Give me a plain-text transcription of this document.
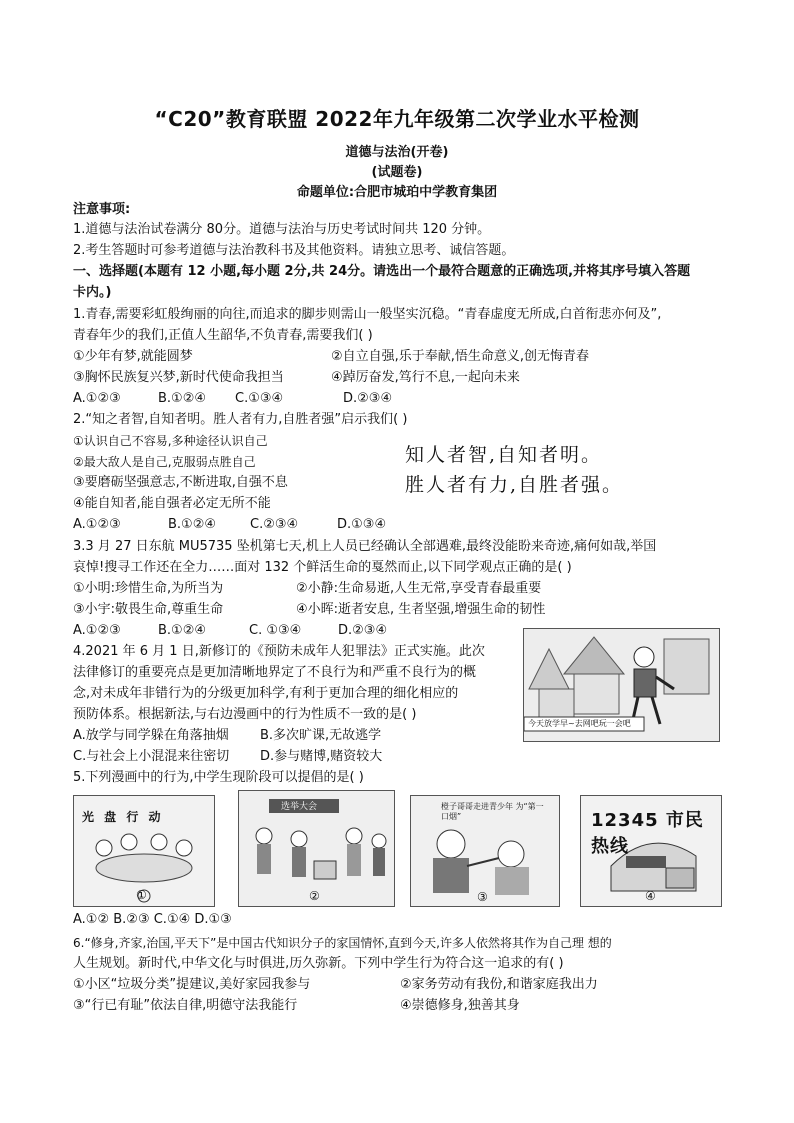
“C20”教育联盟 2022年九年级第二次学业水平检测
道德与法治(开卷)
(试题卷)
命题单位:合肥市城珀中学教育集团
注意事项:
1.道德与法治试卷满分 80分。道德与法治与历史考试时间共 120 分钟。
2.考生答题时可参考道德与法治教科书及其他资料。请独立思考、诚信答题。
一、选择题(本题有 12 小题,每小题 2分,共 24分。请选出一个最符合题意的正确选项,并将其序号填入答题
卡内。)
1.青春,需要彩虹般绚丽的向往,而追求的脚步则需山一般坚实沉稳。“青春虚度无所成,白首衔悲亦何及”,
青春年少的我们,正值人生韶华,不负青春,需要我们( )
①少年有梦,就能圆梦	②自立自强,乐于奉献,悟生命意义,创无悔青春
③胸怀民族复兴梦,新时代使命我担当	④踔厉奋发,笃行不息,一起向未来
A.①②③	B.①②④ C.①③④	D.②③④
2.“知之者智,自知者明。胜人者有力,自胜者强”启示我们( )
①认识自己不容易,多种途径认识自己
②最大敌人是自己,克服弱点胜自己
③要磨砺坚强意志,不断进取,自强不息
④能自知者,能自强者必定无所不能
A.①②③	B.①②④	C.②③④	D.①③④
知人者智,自知者明。
胜人者有力,自胜者强。
3.3 月 27 日东航 MU5735 坠机第七天,机上人员已经确认全部遇难,最终没能盼来奇迹,痛何如哉,举国
哀悼!搜寻工作还在全力……面对 132 个鲜活生命的戛然而止,以下同学观点正确的是( )
①小明:珍惜生命,为所当为	②小静:生命易逝,人生无常,享受青春最重要
③小宇:敬畏生命,尊重生命	④小晖:逝者安息, 生者坚强,增强生命的韧性
A.①②③	B.①②④	C. ①③④	D.②③④
4.2021 年 6 月 1 日,新修订的《预防未成年人犯罪法》正式实施。此次
法律修订的重要亮点是更加清晰地界定了不良行为和严重不良行为的概
念,对未成年非错行为的分级更加科学,有利于更加合理的细化相应的
预防体系。根据新法,与右边漫画中的行为性质不一致的是( )
A.放学与同学躲在角落抽烟 B.多次旷课,无故逃学
C.与社会上小混混来往密切 D.参与赌博,赌资较大
今天放学早~去网吧玩一会吧
5.下列漫画中的行为,中学生现阶段可以提倡的是( )
光 盘 行 动
①
选举大会
②
橙子哥哥走进青少年 为“第一口烟”
③
12345 市民热线
④
A.①② B.②③ C.①④ D.①③
6.“修身,齐家,治国,平天下”是中国古代知识分子的家国情怀,直到今天,许多人依然将其作为自己理 想的
人生规划。新时代,中华文化与时俱进,历久弥新。下列中学生行为符合这一追求的有( )
①小区“垃圾分类”提建议,美好家园我参与	②家务劳动有我份,和谐家庭我出力
③“行已有耻”依法自律,明德守法我能行	④崇德修身,独善其身
